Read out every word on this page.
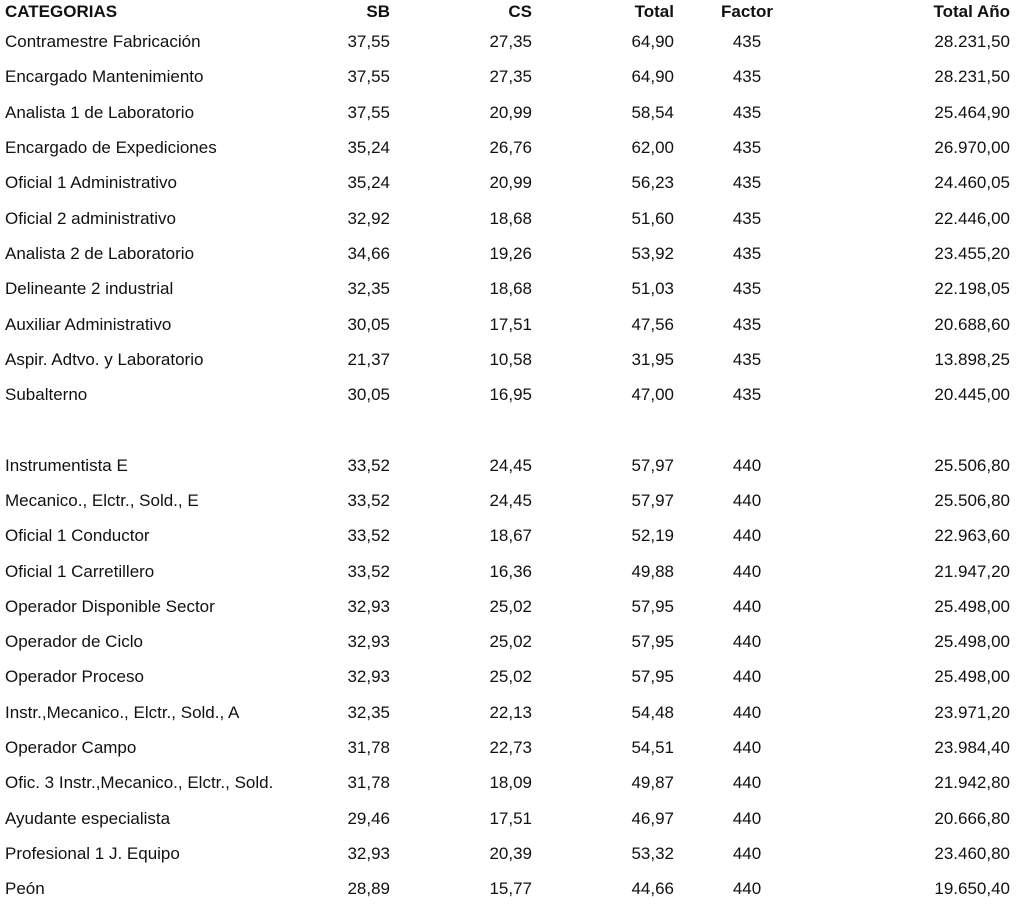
CATEGORIAS	SB	CS	Total	Factor	Total Año
Contramestre Fabricación	37,55	27,35	64,90	435	28.231,50
Encargado Mantenimiento	37,55	27,35	64,90	435	28.231,50
Analista 1 de Laboratorio	37,55	20,99	58,54	435	25.464,90
Encargado de Expediciones	35,24	26,76	62,00	435	26.970,00
Oficial 1 Administrativo	35,24	20,99	56,23	435	24.460,05
Oficial 2 administrativo	32,92	18,68	51,60	435	22.446,00
Analista 2 de Laboratorio	34,66	19,26	53,92	435	23.455,20
Delineante 2 industrial	32,35	18,68	51,03	435	22.198,05
Auxiliar Administrativo	30,05	17,51	47,56	435	20.688,60
Aspir. Adtvo. y Laboratorio	21,37	10,58	31,95	435	13.898,25
Subalterno	30,05	16,95	47,00	435	20.445,00

Instrumentista E	33,52	24,45	57,97	440	25.506,80
Mecanico., Elctr., Sold., E	33,52	24,45	57,97	440	25.506,80
Oficial 1 Conductor	33,52	18,67	52,19	440	22.963,60
Oficial 1 Carretillero	33,52	16,36	49,88	440	21.947,20
Operador Disponible Sector	32,93	25,02	57,95	440	25.498,00
Operador de Ciclo	32,93	25,02	57,95	440	25.498,00
Operador Proceso	32,93	25,02	57,95	440	25.498,00
Instr.,Mecanico., Elctr., Sold., A	32,35	22,13	54,48	440	23.971,20
Operador Campo	31,78	22,73	54,51	440	23.984,40
Ofic. 3 Instr.,Mecanico., Elctr., Sold.	31,78	18,09	49,87	440	21.942,80
Ayudante especialista	29,46	17,51	46,97	440	20.666,80
Profesional 1 J. Equipo	32,93	20,39	53,32	440	23.460,80
Peón	28,89	15,77	44,66	440	19.650,40
